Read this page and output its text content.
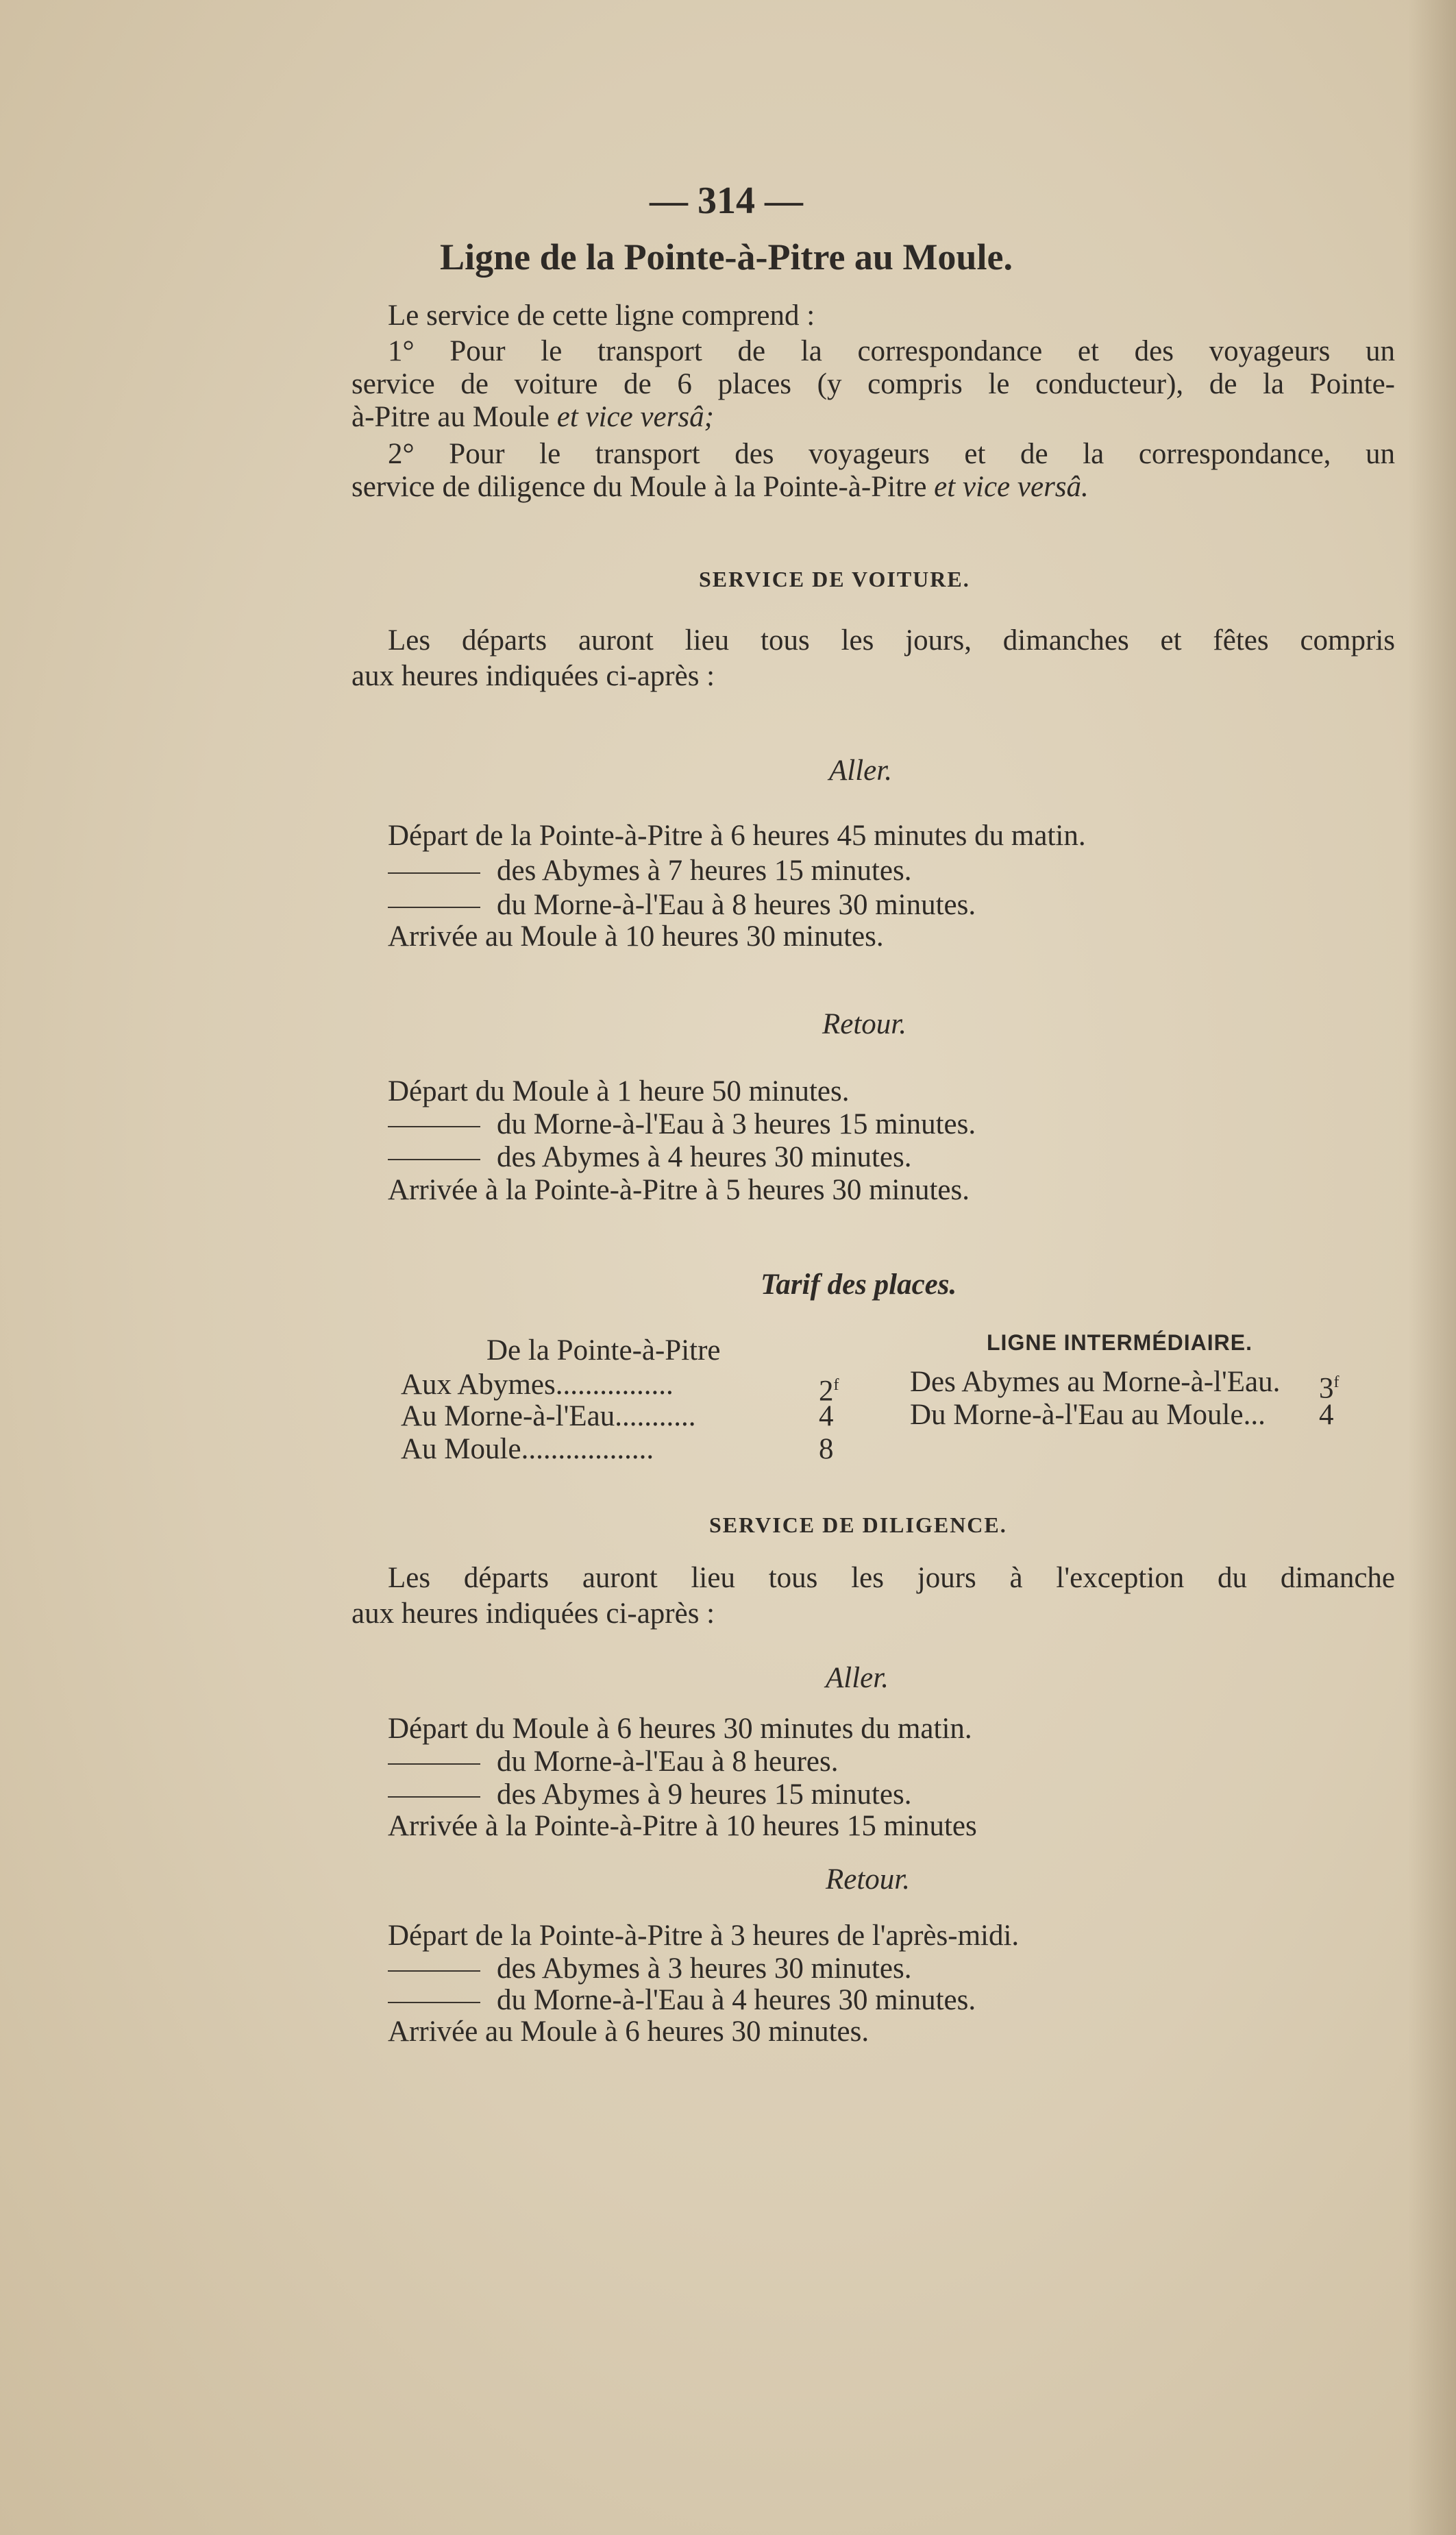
— 314 —
Ligne de la Pointe-à-Pitre au Moule.
Le service de cette ligne comprend :
1° Pour le transport de la correspondance et des voyageurs un
service de voiture de 6 places (y compris le conducteur), de la Pointe-
à-Pitre au Moule et vice versâ;
2° Pour le transport des voyageurs et de la correspondance, un
service de diligence du Moule à la Pointe-à-Pitre et vice versâ.
SERVICE DE VOITURE.
Les départs auront lieu tous les jours, dimanches et fêtes compris
aux heures indiquées ci-après :
Aller.
Départ de la Pointe-à-Pitre à 6 heures 45 minutes du matin.
des Abymes à 7 heures 15 minutes.
du Morne-à-l'Eau à 8 heures 30 minutes.
Arrivée au Moule à 10 heures 30 minutes.
Retour.
Départ du Moule à 1 heure 50 minutes.
du Morne-à-l'Eau à 3 heures 15 minutes.
des Abymes à 4 heures 30 minutes.
Arrivée à la Pointe-à-Pitre à 5 heures 30 minutes.
Tarif des places.
De la Pointe-à-Pitre	LIGNE INTERMÉDIAIRE.
Aux Abymes................	2$^f$
Au Morne-à-l'Eau...........	4
Au Moule..................	8
Des Abymes au Morne-à-l'Eau. 3$^f$
Du Morne-à-l'Eau au Moule... 4
SERVICE DE DILIGENCE.
Les départs auront lieu tous les jours à l'exception du dimanche
aux heures indiquées ci-après :
Aller.
Départ du Moule à 6 heures 30 minutes du matin.
du Morne-à-l'Eau à 8 heures.
des Abymes à 9 heures 15 minutes.
Arrivée à la Pointe-à-Pitre à 10 heures 15 minutes
Retour.
Départ de la Pointe-à-Pitre à 3 heures de l'après-midi.
des Abymes à 3 heures 30 minutes.
du Morne-à-l'Eau à 4 heures 30 minutes.
Arrivée au Moule à 6 heures 30 minutes.
